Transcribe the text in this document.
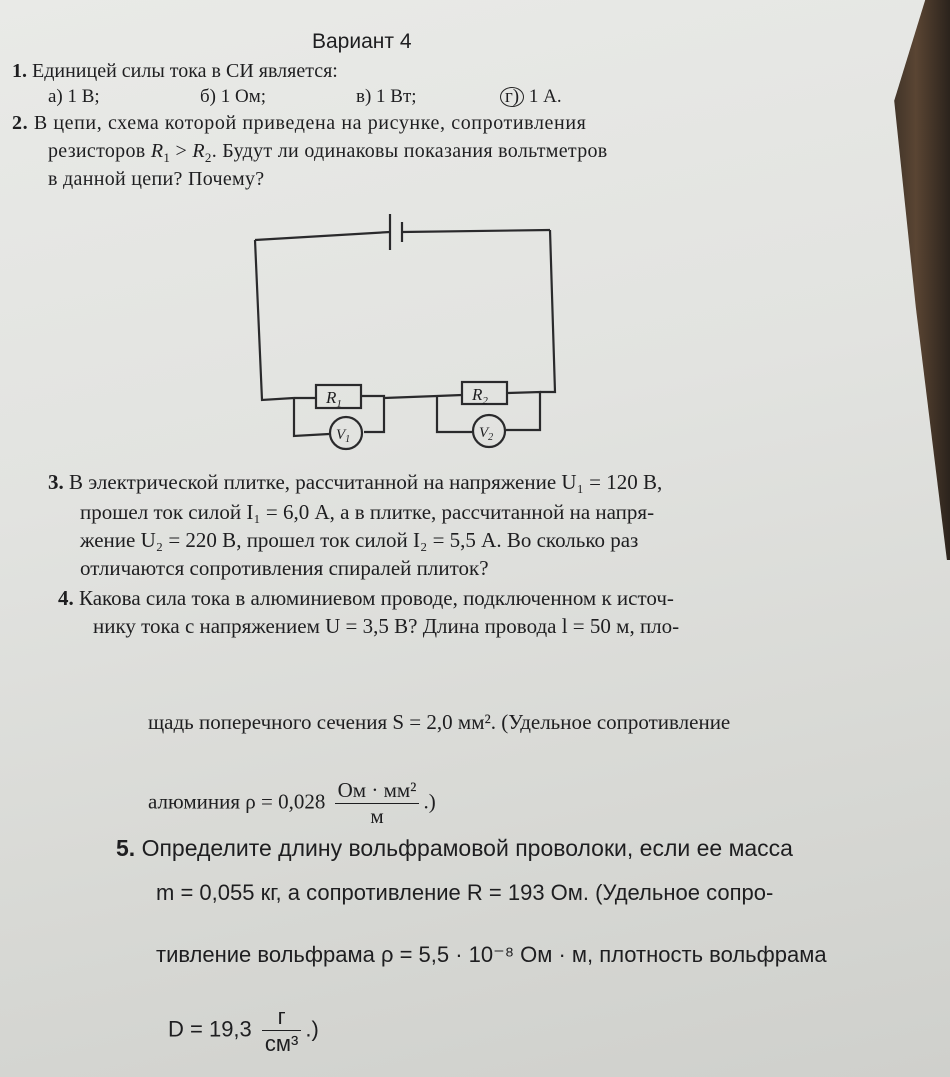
Вариант 4
1. Единицей силы тока в СИ является:
а) 1 В;	б) 1 Ом;	в) 1 Вт;	г) 1 А.
2. В цепи, схема которой приведена на рисунке, сопротивления
резисторов $R_1 > R_2$. Будут ли одинаковы показания вольтметров
в данной цепи? Почему?
$R_1$	$R_2$
$V_1$	$V_2$
3. В электрической плитке, рассчитанной на напряжение U₁ = 120 В,
прошел ток силой I₁ = 6,0 А, а в плитке, рассчитанной на напря-
жение U₂ = 220 В, прошел ток силой I₂ = 5,5 А. Во сколько раз
отличаются сопротивления спиралей плиток?
4. Какова сила тока в алюминиевом проводе, подключенном к источ-
нику тока с напряжением U = 3,5 В? Длина провода l = 50 м, пло-
щадь поперечного сечения S = 2,0 мм². (Удельное сопротивление
алюминия $\rho = 0,028 \frac{\text{Ом · мм²}}{м}$ .)
5. Определите длину вольфрамовой проволоки, если ее масса
m = 0,055 кг, а сопротивление R = 193 Ом. (Удельное сопро-
тивление вольфрама ρ = 5,5 · 10⁻⁸ Ом · м, плотность вольфрама
$D = 19,3 \frac{г}{\text{см³}}$ .)
